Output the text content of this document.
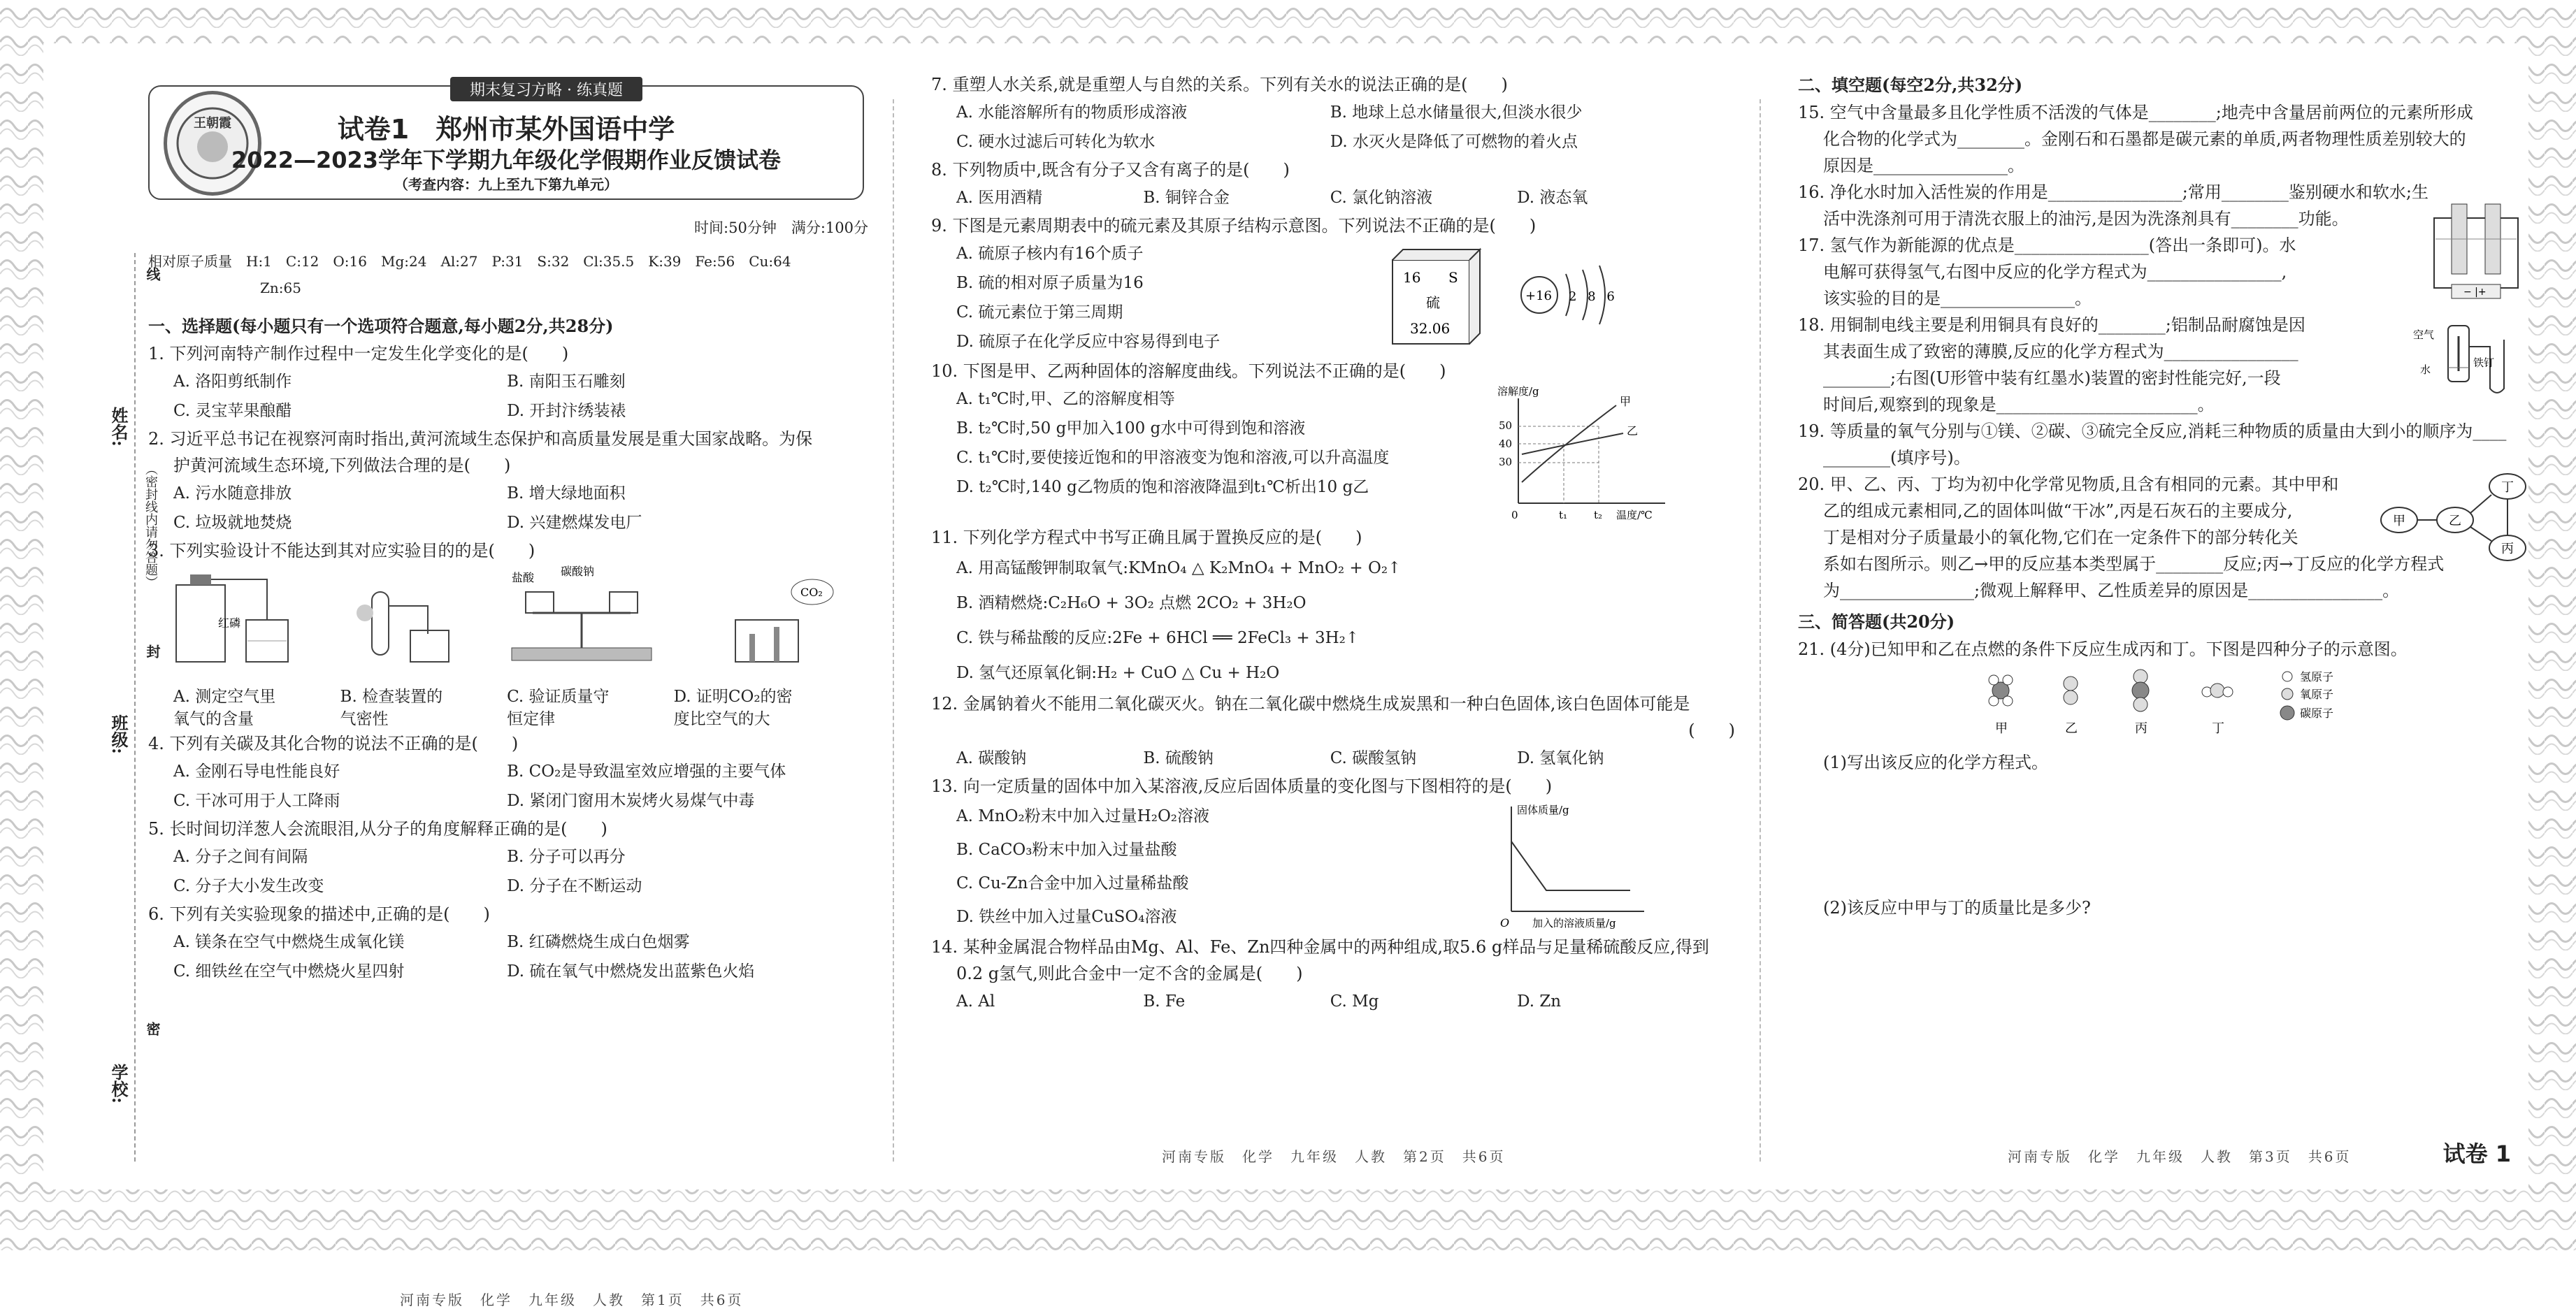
姓名:
班级:
学校:
（密封线内请勿答题）
线
封
密
期末复习方略 · 练真题
王朝霞	试卷1　郑州市某外国语中学
2022—2023学年下学期九年级化学假期作业反馈试卷
（考查内容：九上至九下第九单元）
时间:50分钟　满分:100分
相对原子质量　H:1　C:12　O:16　Mg:24　Al:27　P:31　S:32　Cl:35.5　K:39　Fe:56　Cu:64
Zn:65
一、选择题(每小题只有一个选项符合题意,每小题2分,共28分)
1. 下列河南特产制作过程中一定发生化学变化的是(　　)
A. 洛阳剪纸制作	B. 南阳玉石雕刻
C. 灵宝苹果酿醋	D. 开封汴绣装裱
2. 习近平总书记在视察河南时指出,黄河流域生态保护和高质量发展是重大国家战略。为保
护黄河流域生态环境,下列做法合理的是(　　)
A. 污水随意排放	B. 增大绿地面积
C. 垃圾就地焚烧	D. 兴建燃煤发电厂
3. 下列实验设计不能达到其对应实验目的的是(　　)
红磷
盐酸 碳酸钠
CO₂
A. 测定空气里
氧气的含量
B. 检查装置的
气密性
C. 验证质量守
恒定律
D. 证明CO₂的密
度比空气的大
4. 下列有关碳及其化合物的说法不正确的是(　　)
A. 金刚石导电性能良好	B. CO₂是导致温室效应增强的主要气体
C. 干冰可用于人工降雨	D. 紧闭门窗用木炭烤火易煤气中毒
5. 长时间切洋葱人会流眼泪,从分子的角度解释正确的是(　　)
A. 分子之间有间隔	B. 分子可以再分
C. 分子大小发生改变	D. 分子在不断运动
6. 下列有关实验现象的描述中,正确的是(　　)
A. 镁条在空气中燃烧生成氧化镁	B. 红磷燃烧生成白色烟雾
C. 细铁丝在空气中燃烧火星四射	D. 硫在氧气中燃烧发出蓝紫色火焰
河南专版　化学　九年级　人教　第1页　共6页
7. 重塑人水关系,就是重塑人与自然的关系。下列有关水的说法正确的是(　　)
A. 水能溶解所有的物质形成溶液	B. 地球上总水储量很大,但淡水很少
C. 硬水过滤后可转化为软水	D. 水灭火是降低了可燃物的着火点
8. 下列物质中,既含有分子又含有离子的是(　　)
A. 医用酒精	B. 铜锌合金	C. 氯化钠溶液	D. 液态氧
9. 下图是元素周期表中的硫元素及其原子结构示意图。下列说法不正确的是(　　)
A. 硫原子核内有16个质子
B. 硫的相对原子质量为16
C. 硫元素位于第三周期
D. 硫原子在化学反应中容易得到电子
16 S
硫
32.06
+16 2 8 6
10. 下图是甲、乙两种固体的溶解度曲线。下列说法不正确的是(　　)
A. t₁℃时,甲、乙的溶解度相等
B. t₂℃时,50 g甲加入100 g水中可得到饱和溶液
C. t₁℃时,要使接近饱和的甲溶液变为饱和溶液,可以升高温度
D. t₂℃时,140 g乙物质的饱和溶液降温到t₁℃析出10 g乙
溶解度/g
温度/℃
50
40
30
0	t₁	t₂
甲
乙
11. 下列化学方程式中书写正确且属于置换反应的是(　　)
A. 用高锰酸钾制取氧气:KMnO₄ △ K₂MnO₄ + MnO₂ + O₂↑
B. 酒精燃烧:C₂H₆O + 3O₂ 点燃 2CO₂ + 3H₂O
C. 铁与稀盐酸的反应:2Fe + 6HCl ══ 2FeCl₃ + 3H₂↑
D. 氢气还原氧化铜:H₂ + CuO △ Cu + H₂O
12. 金属钠着火不能用二氧化碳灭火。钠在二氧化碳中燃烧生成炭黑和一种白色固体,该白色固体可能是
(　　)
A. 碳酸钠	B. 硫酸钠	C. 碳酸氢钠	D. 氢氧化钠
13. 向一定质量的固体中加入某溶液,反应后固体质量的变化图与下图相符的是(　　)
A. MnO₂粉末中加入过量H₂O₂溶液
B. CaCO₃粉末中加入过量盐酸
C. Cu-Zn合金中加入过量稀盐酸
D. 铁丝中加入过量CuSO₄溶液
固体质量/g
加入的溶液质量/g
O
14. 某种金属混合物样品由Mg、Al、Fe、Zn四种金属中的两种组成,取5.6 g样品与足量稀硫酸反应,得到
0.2 g氢气,则此合金中一定不含的金属是(　　)
A. Al	B. Fe	C. Mg	D. Zn
河南专版　化学　九年级　人教　第2页　共6页
二、填空题(每空2分,共32分)
15. 空气中含量最多且化学性质不活泼的气体是________;地壳中含量居前两位的元素所形成
化合物的化学式为________。金刚石和石墨都是碳元素的单质,两者物理性质差别较大的
原因是________________。
16. 净化水时加入活性炭的作用是________________;常用________鉴别硬水和软水;生
活中洗涤剂可用于清洗衣服上的油污,是因为洗涤剂具有________功能。
17. 氢气作为新能源的优点是________________(答出一条即可)。水
电解可获得氢气,右图中反应的化学方程式为________________,
该实验的目的是________________。	− |+
18. 用铜制电线主要是利用铜具有良好的________;铝制品耐腐蚀是因
其表面生成了致密的薄膜,反应的化学方程式为________________
________;右图(U形管中装有红墨水)装置的密封性能完好,一段
时间后,观察到的现象是________________________。
空气
铁钉
水
19. 等质量的氧气分别与①镁、②碳、③硫完全反应,消耗三种物质的质量由大到小的顺序为____
________(填序号)。
20. 甲、乙、丙、丁均为初中化学常见物质,且含有相同的元素。其中甲和
乙的组成元素相同,乙的固体叫做“干冰”,丙是石灰石的主要成分,
丁是相对分子质量最小的氧化物,它们在一定条件下的部分转化关
系如右图所示。则乙→甲的反应基本类型属于________反应;丙→丁反应的化学方程式
为________________;微观上解释甲、乙性质差异的原因是________________。
甲	乙
丙
丁
三、简答题(共20分)
21. (4分)已知甲和乙在点燃的条件下反应生成丙和丁。下图是四种分子的示意图。
甲	乙	丙	丁
氢原子
氧原子
碳原子
(1)写出该反应的化学方程式。
(2)该反应中甲与丁的质量比是多少?
河南专版　化学　九年级　人教　第3页　共6页	试卷 1
